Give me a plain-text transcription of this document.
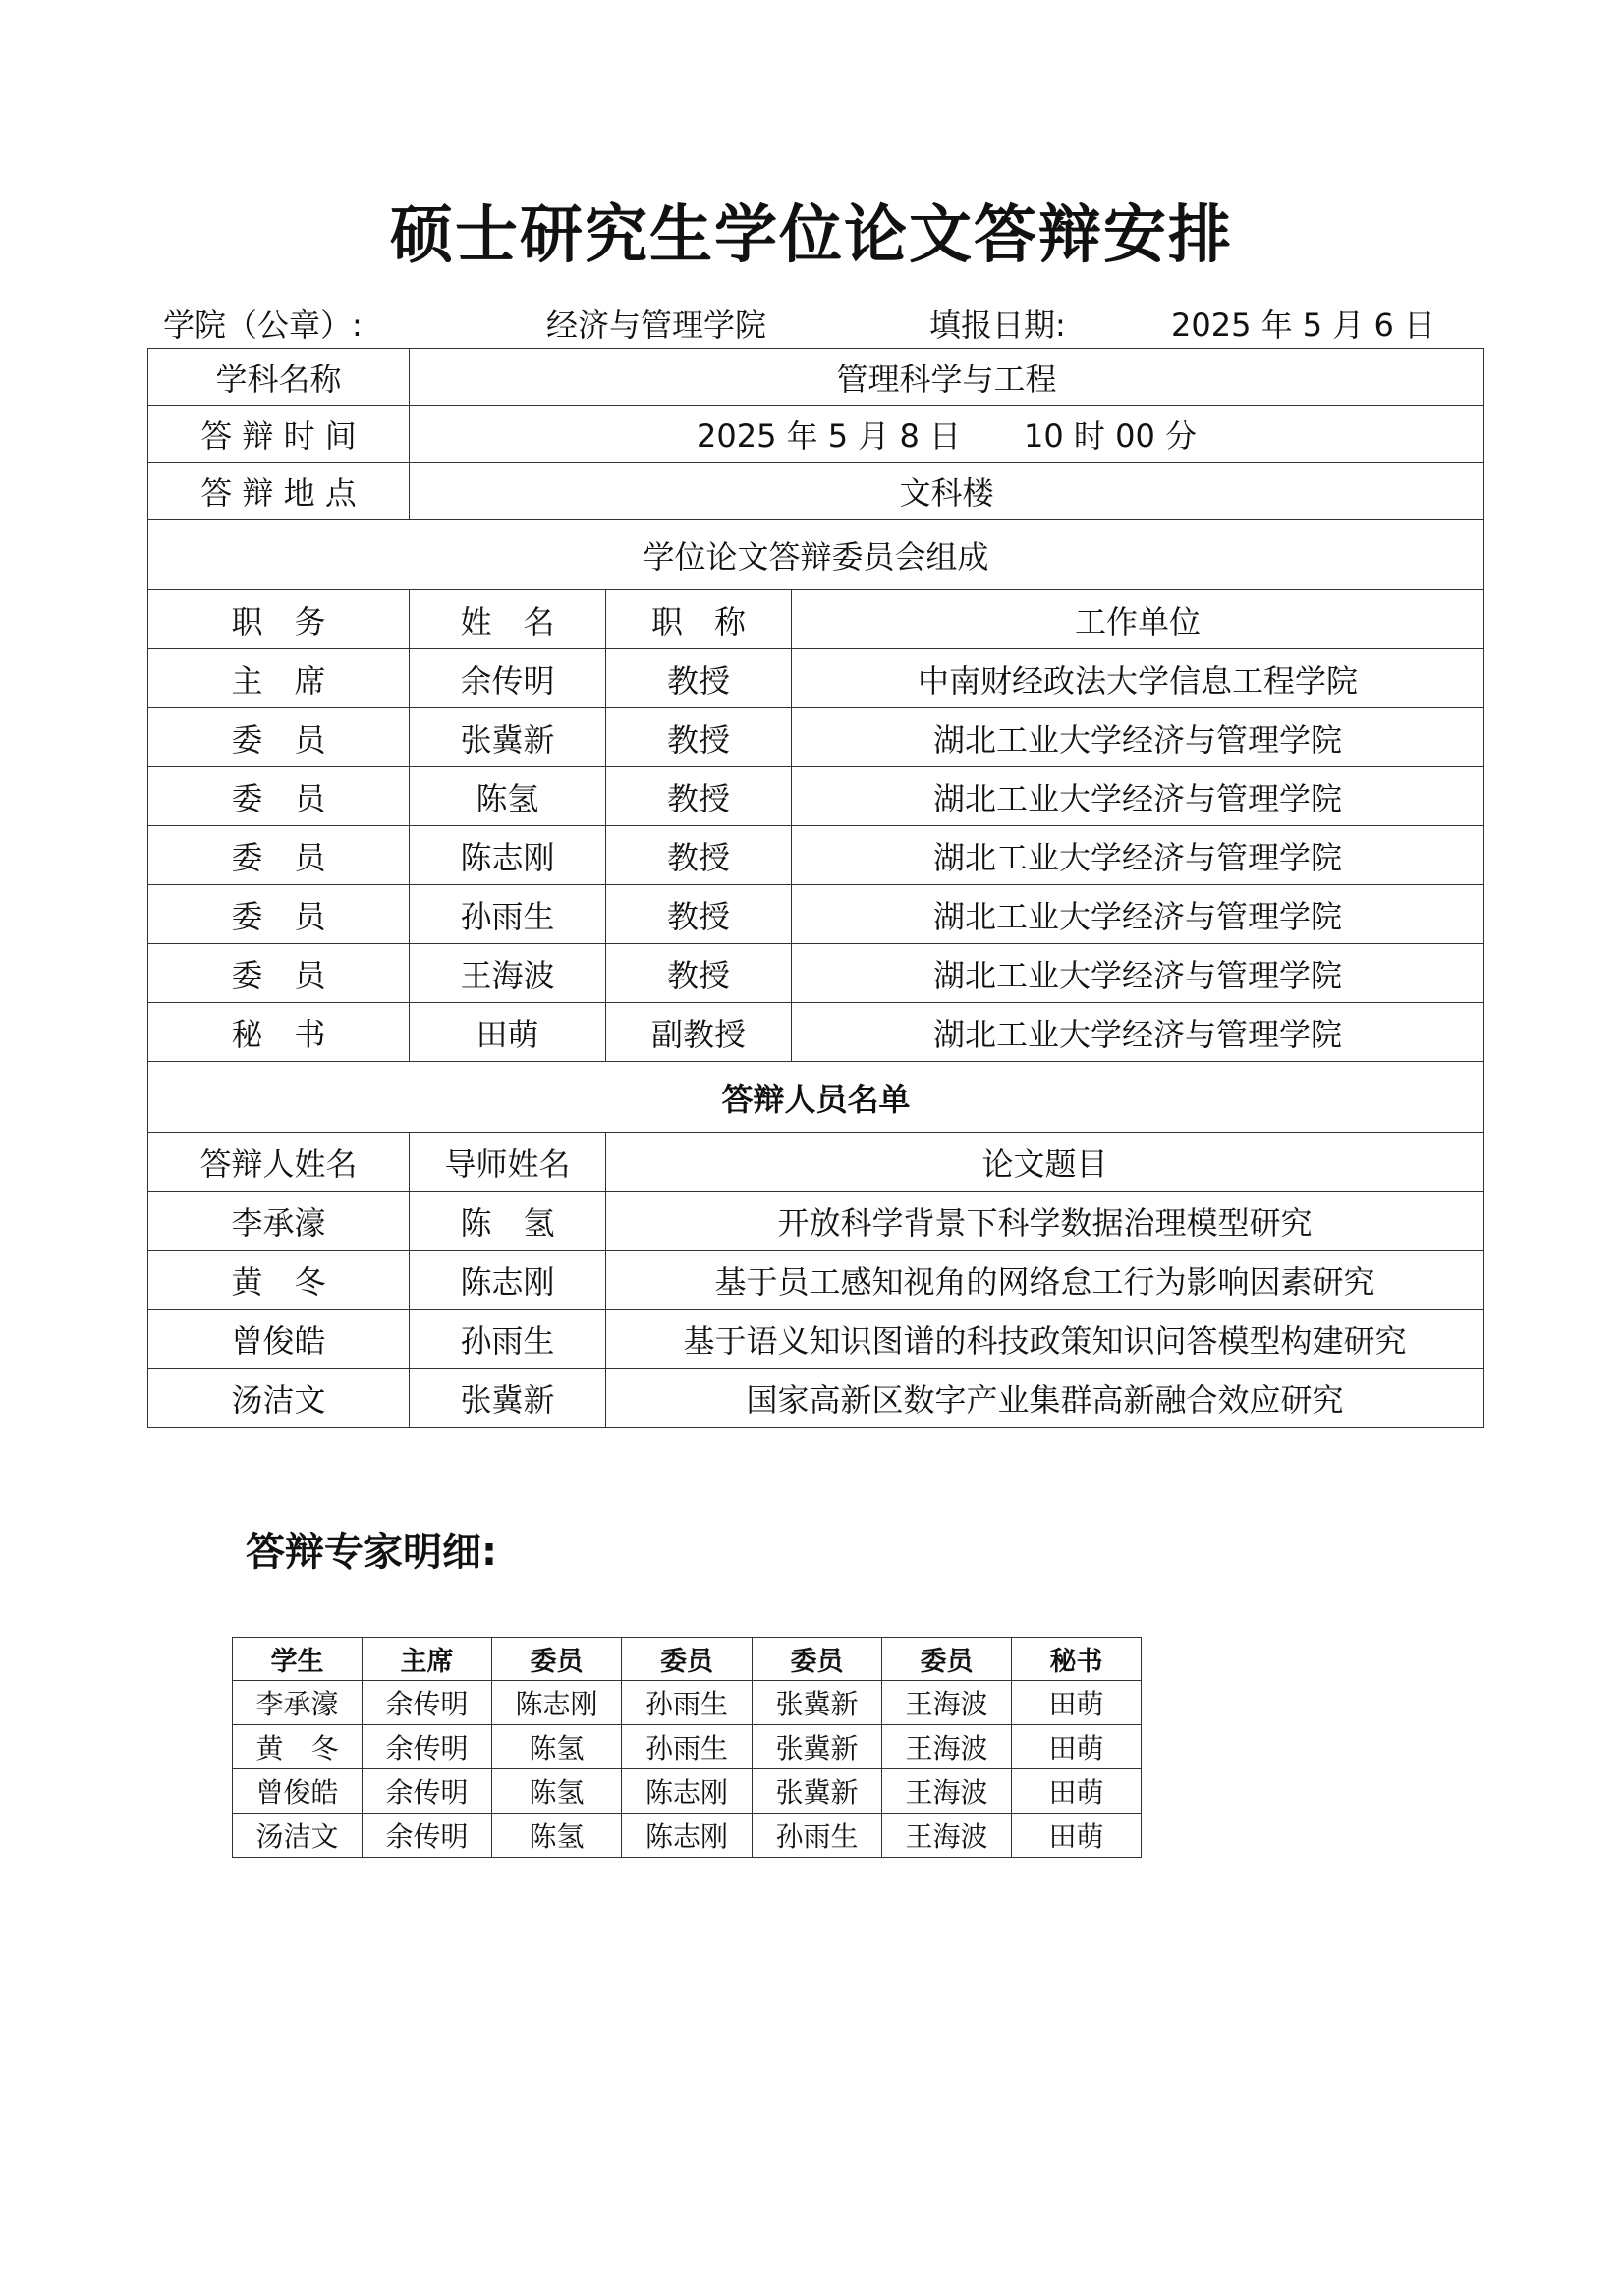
硕士研究生学位论文答辩安排
学院（公章）:	经济与管理学院	填报日期:	2025 年 5 月 6 日
学科名称	管理科学与工程		
答 辩 时 间	2025 年 5 月 8 日　　10 时 00 分		
答 辩 地 点	文科楼		
学位论文答辩委员会组成			
职　务	姓　名	职　称	工作单位
主　席	余传明	教授	中南财经政法大学信息工程学院
委　员	张冀新	教授	湖北工业大学经济与管理学院
委　员	陈氢	教授	湖北工业大学经济与管理学院
委　员	陈志刚	教授	湖北工业大学经济与管理学院
委　员	孙雨生	教授	湖北工业大学经济与管理学院
委　员	王海波	教授	湖北工业大学经济与管理学院
秘　书	田萌	副教授	湖北工业大学经济与管理学院
答辩人员名单			
答辩人姓名	导师姓名	论文题目	
李承濠	陈　氢	开放科学背景下科学数据治理模型研究	
黄　冬	陈志刚	基于员工感知视角的网络怠工行为影响因素研究	
曾俊皓	孙雨生	基于语义知识图谱的科技政策知识问答模型构建研究	
汤洁文	张冀新	国家高新区数字产业集群高新融合效应研究	
答辩专家明细:
学生	主席	委员	委员	委员	委员	秘书
李承濠	余传明	陈志刚	孙雨生	张冀新	王海波	田萌
黄　冬	余传明	陈氢	孙雨生	张冀新	王海波	田萌
曾俊皓	余传明	陈氢	陈志刚	张冀新	王海波	田萌
汤洁文	余传明	陈氢	陈志刚	孙雨生	王海波	田萌
